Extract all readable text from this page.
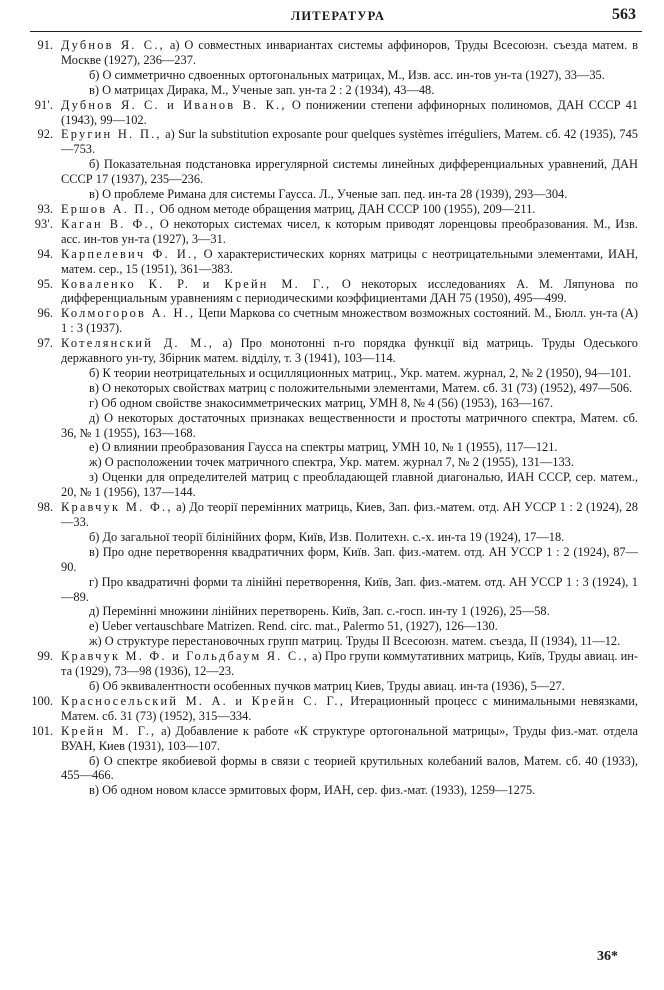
ЛИТЕРАТУРА	563
91. Дубнов Я. С., а) О совместных инвариантах системы аффиноров, Труды Всесоюзн. съезда матем. в Москве (1927), 236—237.
б) О симметрично сдвоенных ортогональных матрицах, М., Изв. асс. ин-тов ун-та (1927), 33—35.
в) О матрицах Дирака, М., Ученые зап. ун-та 2 : 2 (1934), 43—48.
91′. Дубнов Я. С. и Иванов В. К., О понижении степени аффинорных полиномов, ДАН СССР 41 (1943), 99—102.
92. Еругин Н. П., а) Sur la substitution exposante pour quelques systèmes irréguliers, Матем. сб. 42 (1935), 745—753.
б) Показательная подстановка иррегулярной системы линейных дифференциальных уравнений, ДАН СССР 17 (1937), 235—236.
в) О проблеме Римана для системы Гаусса. Л., Ученые зап. пед. ин-та 28 (1939), 293—304.
93. Ершов А. П., Об одном методе обращения матриц, ДАН СССР 100 (1955), 209—211.
93′. Каган В. Ф., О некоторых системах чисел, к которым приводят лоренцовы преобразования. М., Изв. асс. ин-тов ун-та (1927), 3—31.
94. Карпелевич Ф. И., О характеристических корнях матрицы с неотрицательными элементами, ИАН, матем. сер., 15 (1951), 361—383.
95. Коваленко К. Р. и Крейн М. Г., О некоторых исследованиях А. М. Ляпунова по дифференциальным уравнениям с периодическими коэффициентами ДАН 75 (1950), 495—499.
96. Колмогоров А. Н., Цепи Маркова со счетным множеством возможных состояний. М., Бюлл. ун-та (А) 1 : 3 (1937).
97. Котелянский Д. М., а) Про монотонні n-го порядка функції від матриць. Труды Одеського державного ун-ту, Збірник матем. відділу, т. 3 (1941), 103—114.
б) К теории неотрицательных и осцилляционных матриц., Укр. матем. журнал, 2, № 2 (1950), 94—101.
в) О некоторых свойствах матриц с положительными элементами, Матем. сб. 31 (73) (1952), 497—506.
г) Об одном свойстве знакосимметрических матриц, УМН 8, № 4 (56) (1953), 163—167.
д) О некоторых достаточных признаках вещественности и простоты матричного спектра, Матем. сб. 36, № 1 (1955), 163—168.
е) О влиянии преобразования Гаусса на спектры матриц, УМН 10, № 1 (1955), 117—121.
ж) О расположении точек матричного спектра, Укр. матем. журнал 7, № 2 (1955), 131—133.
з) Оценки для определителей матриц с преобладающей главной диагональю, ИАН СССР, сер. матем., 20, № 1 (1956), 137—144.
98. Кравчук М. Ф., а) До теорії перемінних матриць, Киев, Зап. физ.-матем. отд. АН УССР 1 : 2 (1924), 28—33.
б) До загальної теорії білінійних форм, Київ, Изв. Политехн. с.-х. ин-та 19 (1924), 17—18.
в) Про одне перетворення квадратичних форм, Київ. Зап. физ.-матем. отд. АН УССР 1 : 2 (1924), 87—90.
г) Про квадратичні форми та лінійні перетворення, Київ, Зап. физ.-матем. отд. АН УССР 1 : 3 (1924), 1—89.
д) Перемінні множини лінійних перетворень. Київ, Зап. с.-госп. ин-ту 1 (1926), 25—58.
е) Ueber vertauschbare Matrizen. Rend. circ. mat., Palermo 51, (1927), 126—130.
ж) О структуре перестановочных групп матриц. Труды II Всесоюзн. матем. съезда, II (1934), 11—12.
99. Кравчук М. Ф. и Гольдбаум Я. С., а) Про групи коммутативних матриць, Київ, Труды авиац. ин-та (1929), 73—98 (1936), 12—23.
б) Об эквивалентности особенных пучков матриц Киев, Труды авиац. ин-та (1936), 5—27.
100. Красносельский М. А. и Крейн С. Г., Итерационный процесс с минимальными невязками, Матем. сб. 31 (73) (1952), 315—334.
101. Крейн М. Г., а) Добавление к работе «К структуре ортогональной матрицы», Труды физ.-мат. отдела ВУАН, Киев (1931), 103—107.
б) О спектре якобиевой формы в связи с теорией крутильных колебаний валов, Матем. сб. 40 (1933), 455—466.
в) Об одном новом классе эрмитовых форм, ИАН, сер. физ.-мат. (1933), 1259—1275.
36*
